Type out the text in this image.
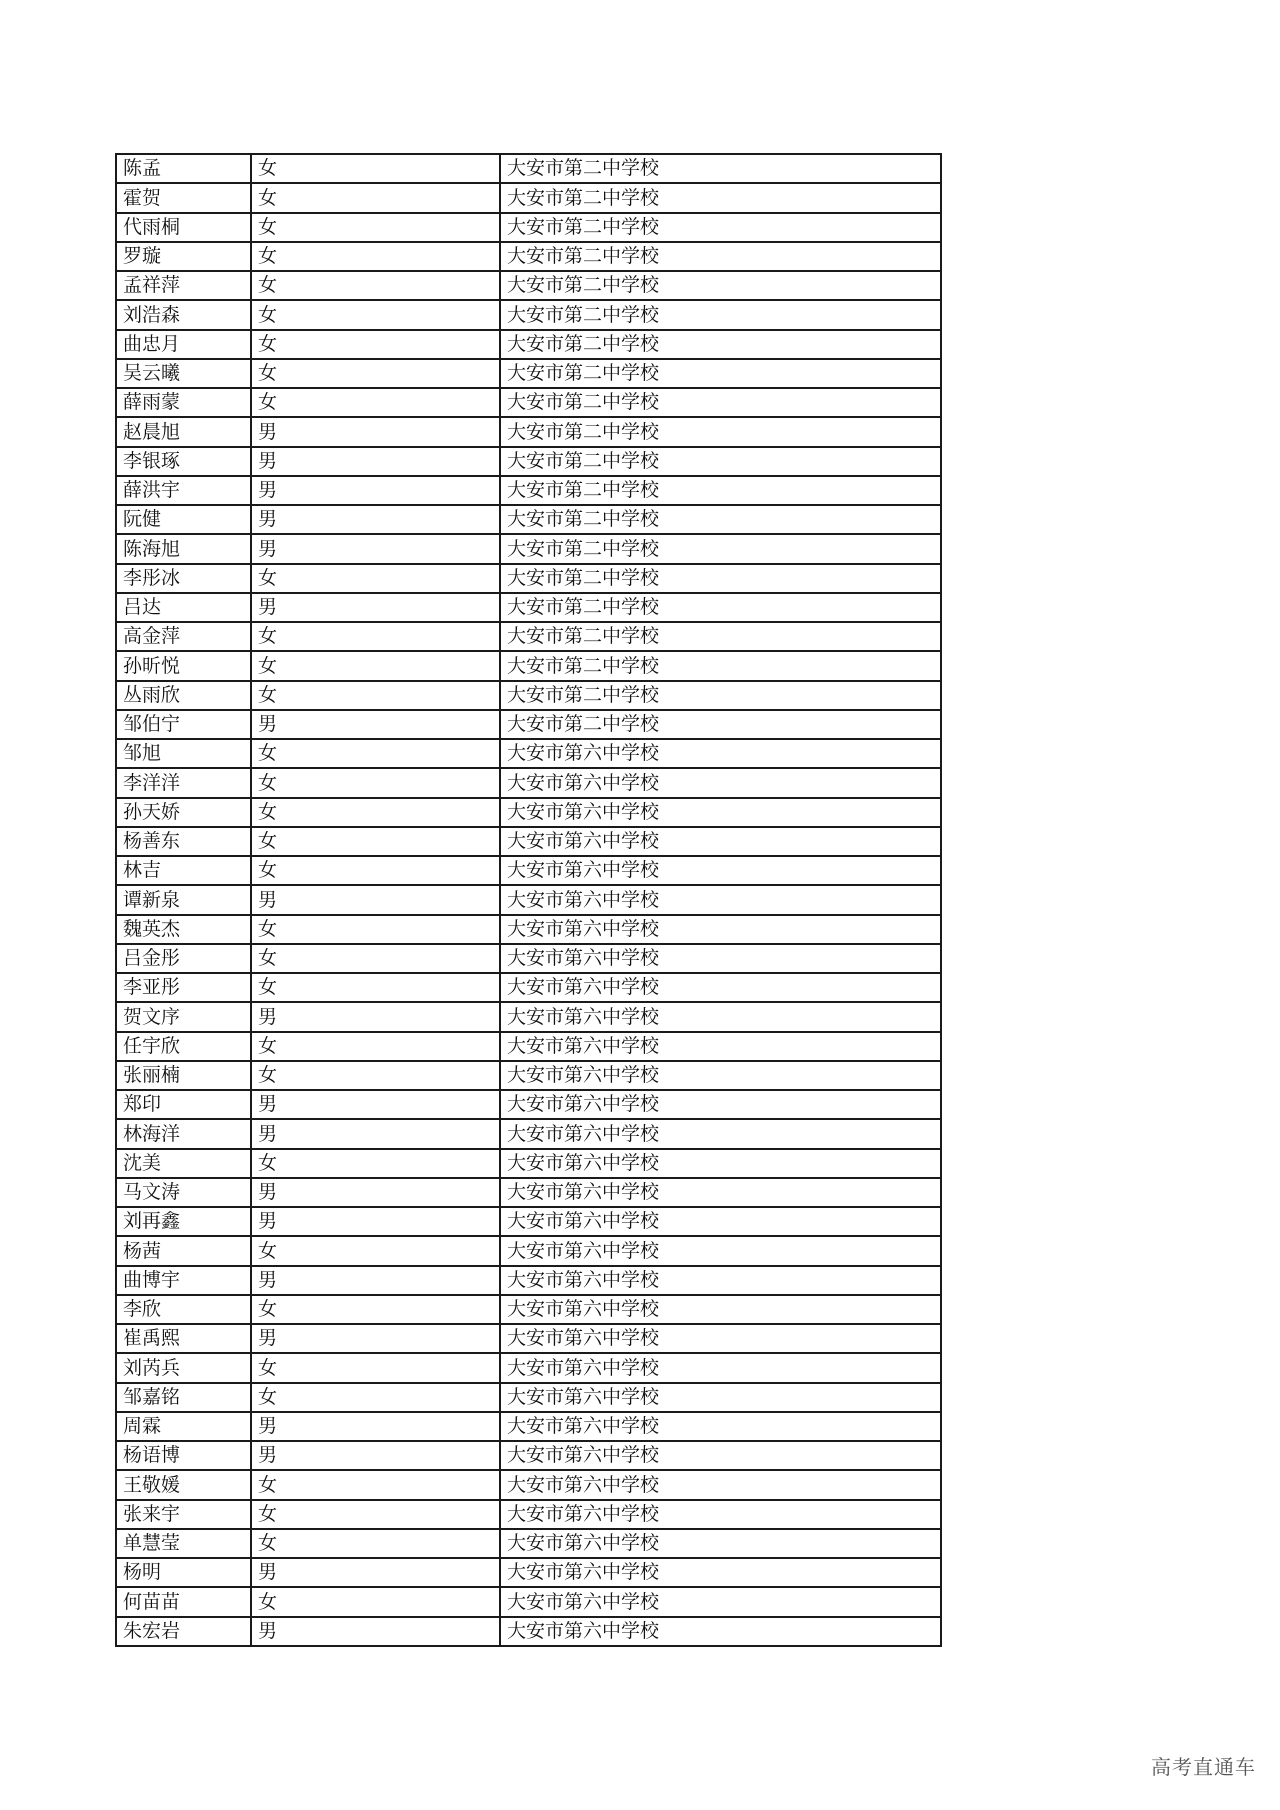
陈孟	女	大安市第二中学校
霍贺	女	大安市第二中学校
代雨桐	女	大安市第二中学校
罗璇	女	大安市第二中学校
孟祥萍	女	大安市第二中学校
刘浩森	女	大安市第二中学校
曲忠月	女	大安市第二中学校
吴云曦	女	大安市第二中学校
薛雨蒙	女	大安市第二中学校
赵晨旭	男	大安市第二中学校
李银琢	男	大安市第二中学校
薛洪宇	男	大安市第二中学校
阮健	男	大安市第二中学校
陈海旭	男	大安市第二中学校
李彤冰	女	大安市第二中学校
吕达	男	大安市第二中学校
高金萍	女	大安市第二中学校
孙昕悦	女	大安市第二中学校
丛雨欣	女	大安市第二中学校
邹伯宁	男	大安市第二中学校
邹旭	女	大安市第六中学校
李洋洋	女	大安市第六中学校
孙天娇	女	大安市第六中学校
杨善东	女	大安市第六中学校
林吉	女	大安市第六中学校
谭新泉	男	大安市第六中学校
魏英杰	女	大安市第六中学校
吕金彤	女	大安市第六中学校
李亚彤	女	大安市第六中学校
贺文序	男	大安市第六中学校
任宇欣	女	大安市第六中学校
张丽楠	女	大安市第六中学校
郑印	男	大安市第六中学校
林海洋	男	大安市第六中学校
沈美	女	大安市第六中学校
马文涛	男	大安市第六中学校
刘再鑫	男	大安市第六中学校
杨茜	女	大安市第六中学校
曲博宇	男	大安市第六中学校
李欣	女	大安市第六中学校
崔禹熙	男	大安市第六中学校
刘芮兵	女	大安市第六中学校
邹嘉铭	女	大安市第六中学校
周霖	男	大安市第六中学校
杨语博	男	大安市第六中学校
王敬媛	女	大安市第六中学校
张来宇	女	大安市第六中学校
单慧莹	女	大安市第六中学校
杨明	男	大安市第六中学校
何苗苗	女	大安市第六中学校
朱宏岩	男	大安市第六中学校
高考直通车
